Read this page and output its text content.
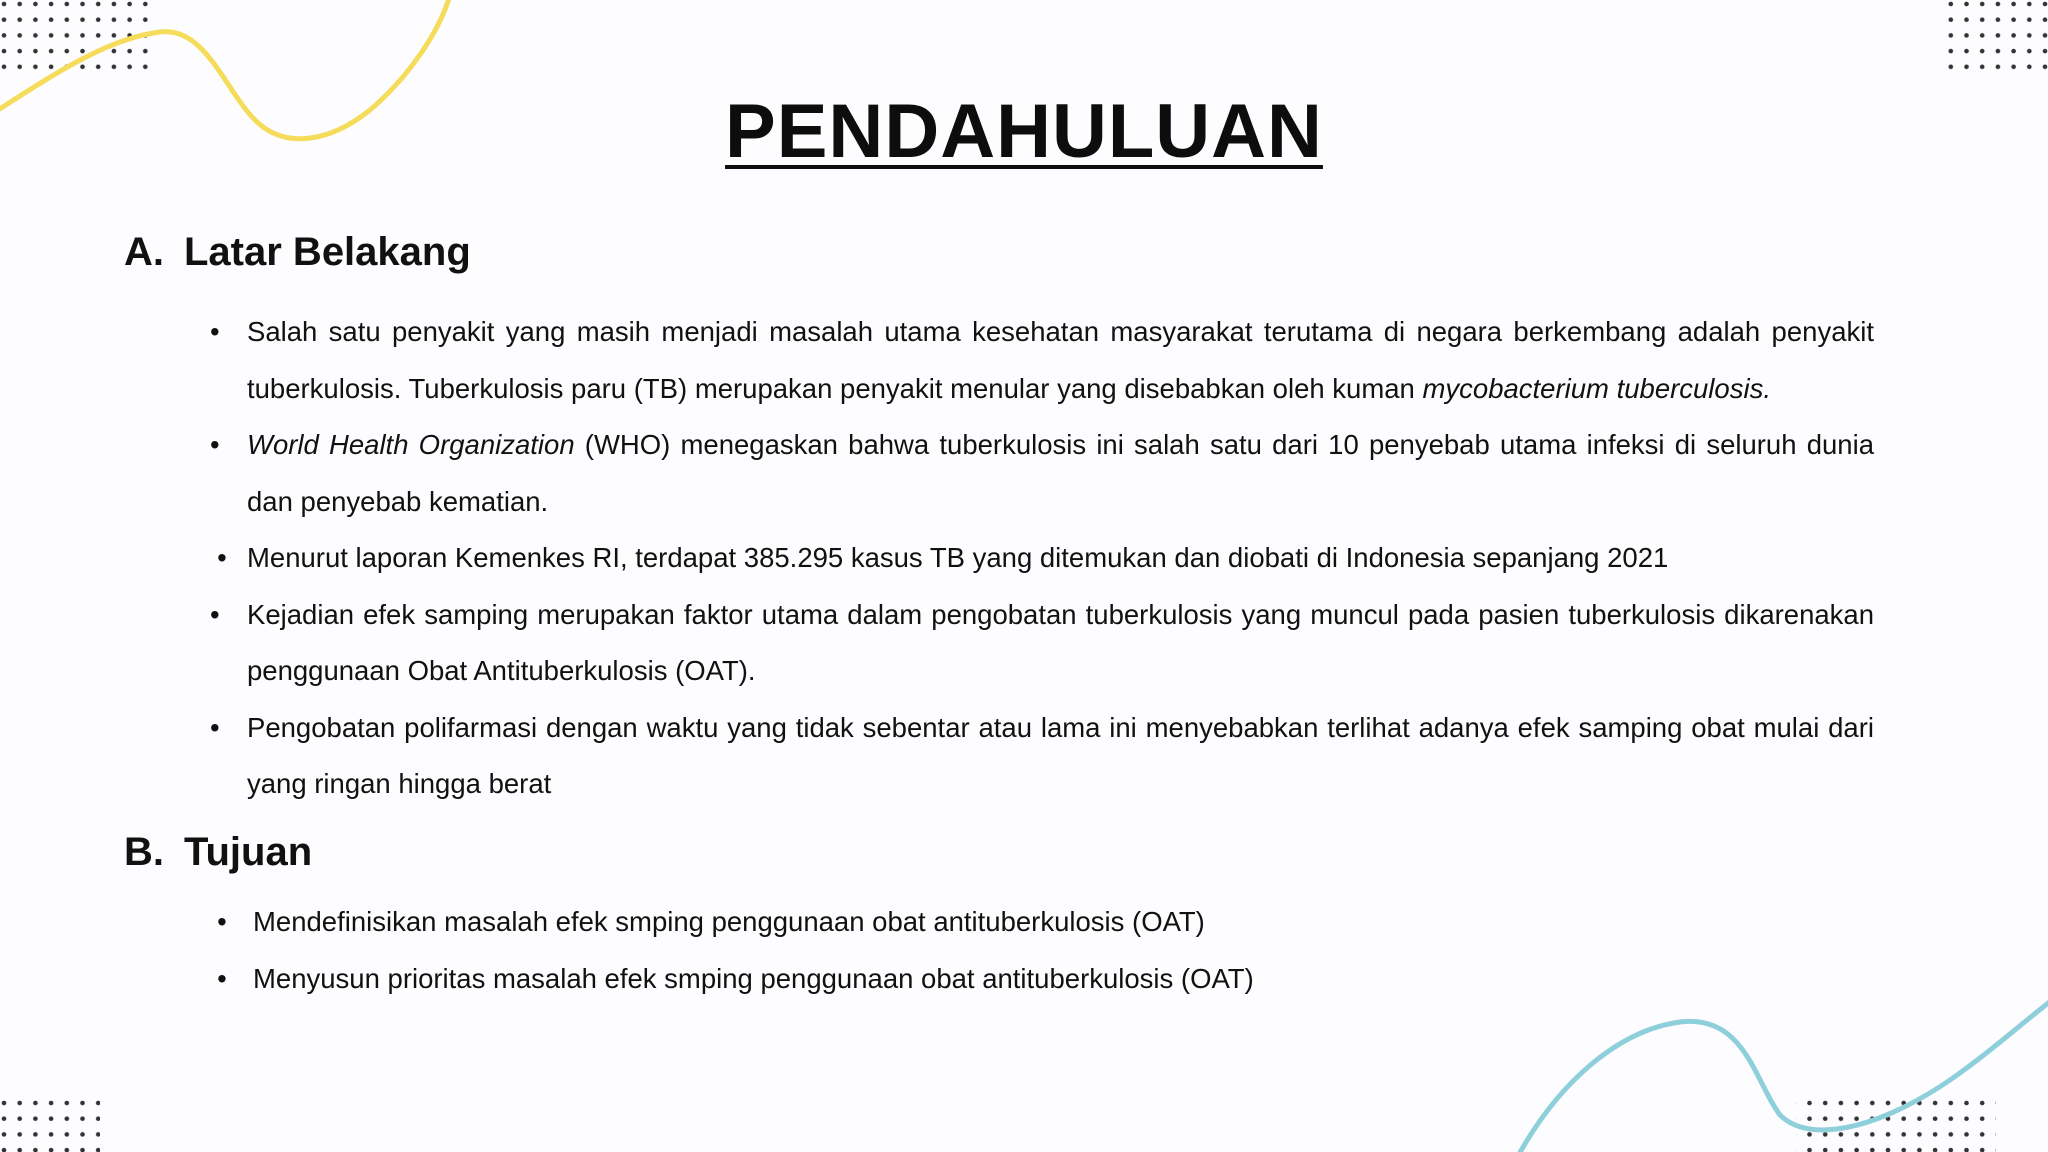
PENDAHULUAN
A. Latar Belakang
• Salah satu penyakit yang masih menjadi masalah utama kesehatan masyarakat terutama di negara berkembang adalah penyakit tuberkulosis. Tuberkulosis paru (TB) merupakan penyakit menular yang disebabkan oleh kuman mycobacterium tuberculosis.
• World Health Organization (WHO) menegaskan bahwa tuberkulosis ini salah satu dari 10 penyebab utama infeksi di seluruh dunia dan penyebab kematian.
• Menurut laporan Kemenkes RI, terdapat 385.295 kasus TB yang ditemukan dan diobati di Indonesia sepanjang 2021
• Kejadian efek samping merupakan faktor utama dalam pengobatan tuberkulosis yang muncul pada pasien tuberkulosis dikarenakan penggunaan Obat Antituberkulosis (OAT).
• Pengobatan polifarmasi dengan waktu yang tidak sebentar atau lama ini menyebabkan terlihat adanya efek samping obat mulai dari yang ringan hingga berat
B. Tujuan
• Mendefinisikan masalah efek smping penggunaan obat antituberkulosis (OAT)
• Menyusun prioritas masalah efek smping penggunaan obat antituberkulosis (OAT)
